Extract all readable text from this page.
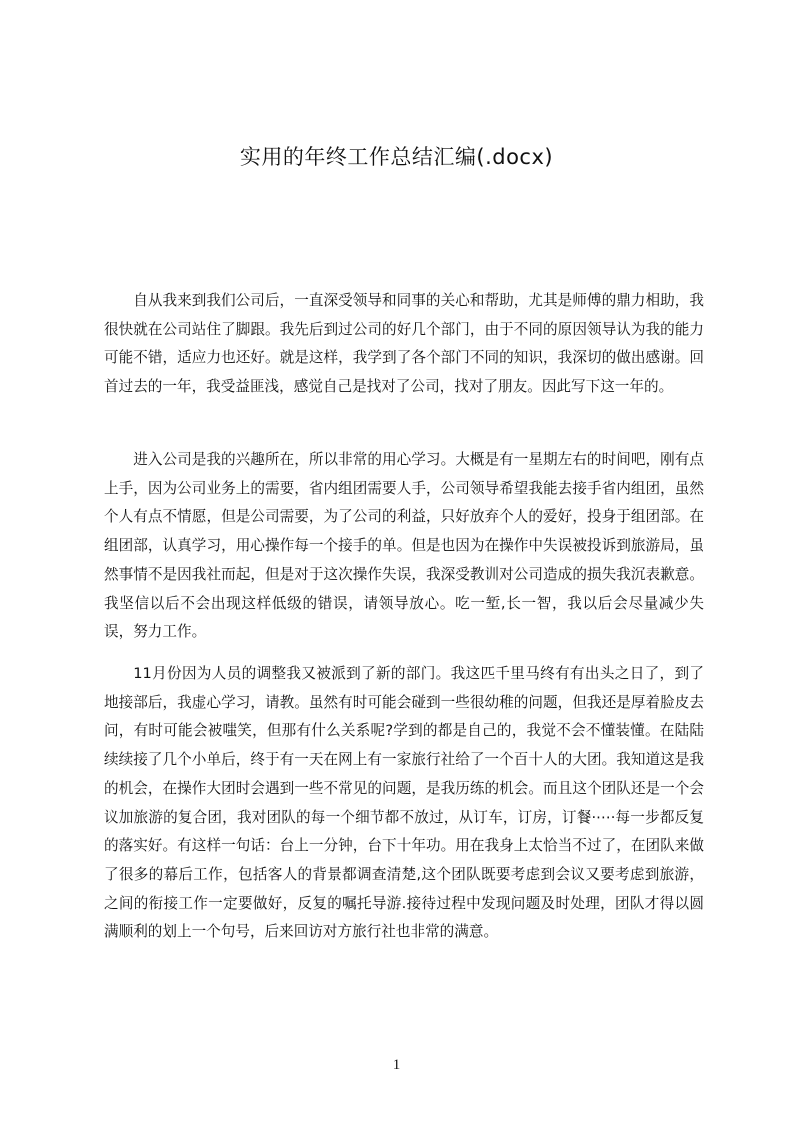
实用的年终工作总结汇编(.docx)

自从我来到我们公司后，一直深受领导和同事的关心和帮助，尤其是师傅的鼎力相助，我很快就在公司站住了脚跟。我先后到过公司的好几个部门，由于不同的原因领导认为我的能力可能不错，适应力也还好。就是这样，我学到了各个部门不同的知识，我深切的做出感谢。回首过去的一年，我受益匪浅，感觉自己是找对了公司，找对了朋友。因此写下这一年的。

进入公司是我的兴趣所在，所以非常的用心学习。大概是有一星期左右的时间吧，刚有点上手，因为公司业务上的需要，省内组团需要人手，公司领导希望我能去接手省内组团，虽然个人有点不情愿，但是公司需要，为了公司的利益，只好放弃个人的爱好，投身于组团部。在组团部，认真学习，用心操作每一个接手的单。但是也因为在操作中失误被投诉到旅游局，虽然事情不是因我社而起，但是对于这次操作失误，我深受教训对公司造成的损失我沉表歉意。我坚信以后不会出现这样低级的错误，请领导放心。吃一堑,长一智，我以后会尽量减少失误，努力工作。

11月份因为人员的调整我又被派到了新的部门。我这匹千里马终有有出头之日了，到了地接部后，我虚心学习，请教。虽然有时可能会碰到一些很幼稚的问题，但我还是厚着脸皮去问，有时可能会被嗤笑，但那有什么关系呢?学到的都是自己的，我觉不会不懂装懂。在陆陆续续接了几个小单后，终于有一天在网上有一家旅行社给了一个百十人的大团。我知道这是我的机会，在操作大团时会遇到一些不常见的问题，是我历练的机会。而且这个团队还是一个会议加旅游的复合团，我对团队的每一个细节都不放过，从订车，订房，订餐·⋯·每一步都反复的落实好。有这样一句话：台上一分钟，台下十年功。用在我身上太恰当不过了，在团队来做了很多的幕后工作，包括客人的背景都调查清楚,这个团队既要考虑到会议又要考虑到旅游，之间的衔接工作一定要做好，反复的嘱托导游.接待过程中发现问题及时处理，团队才得以圆满顺利的划上一个句号，后来回访对方旅行社也非常的满意。

1
